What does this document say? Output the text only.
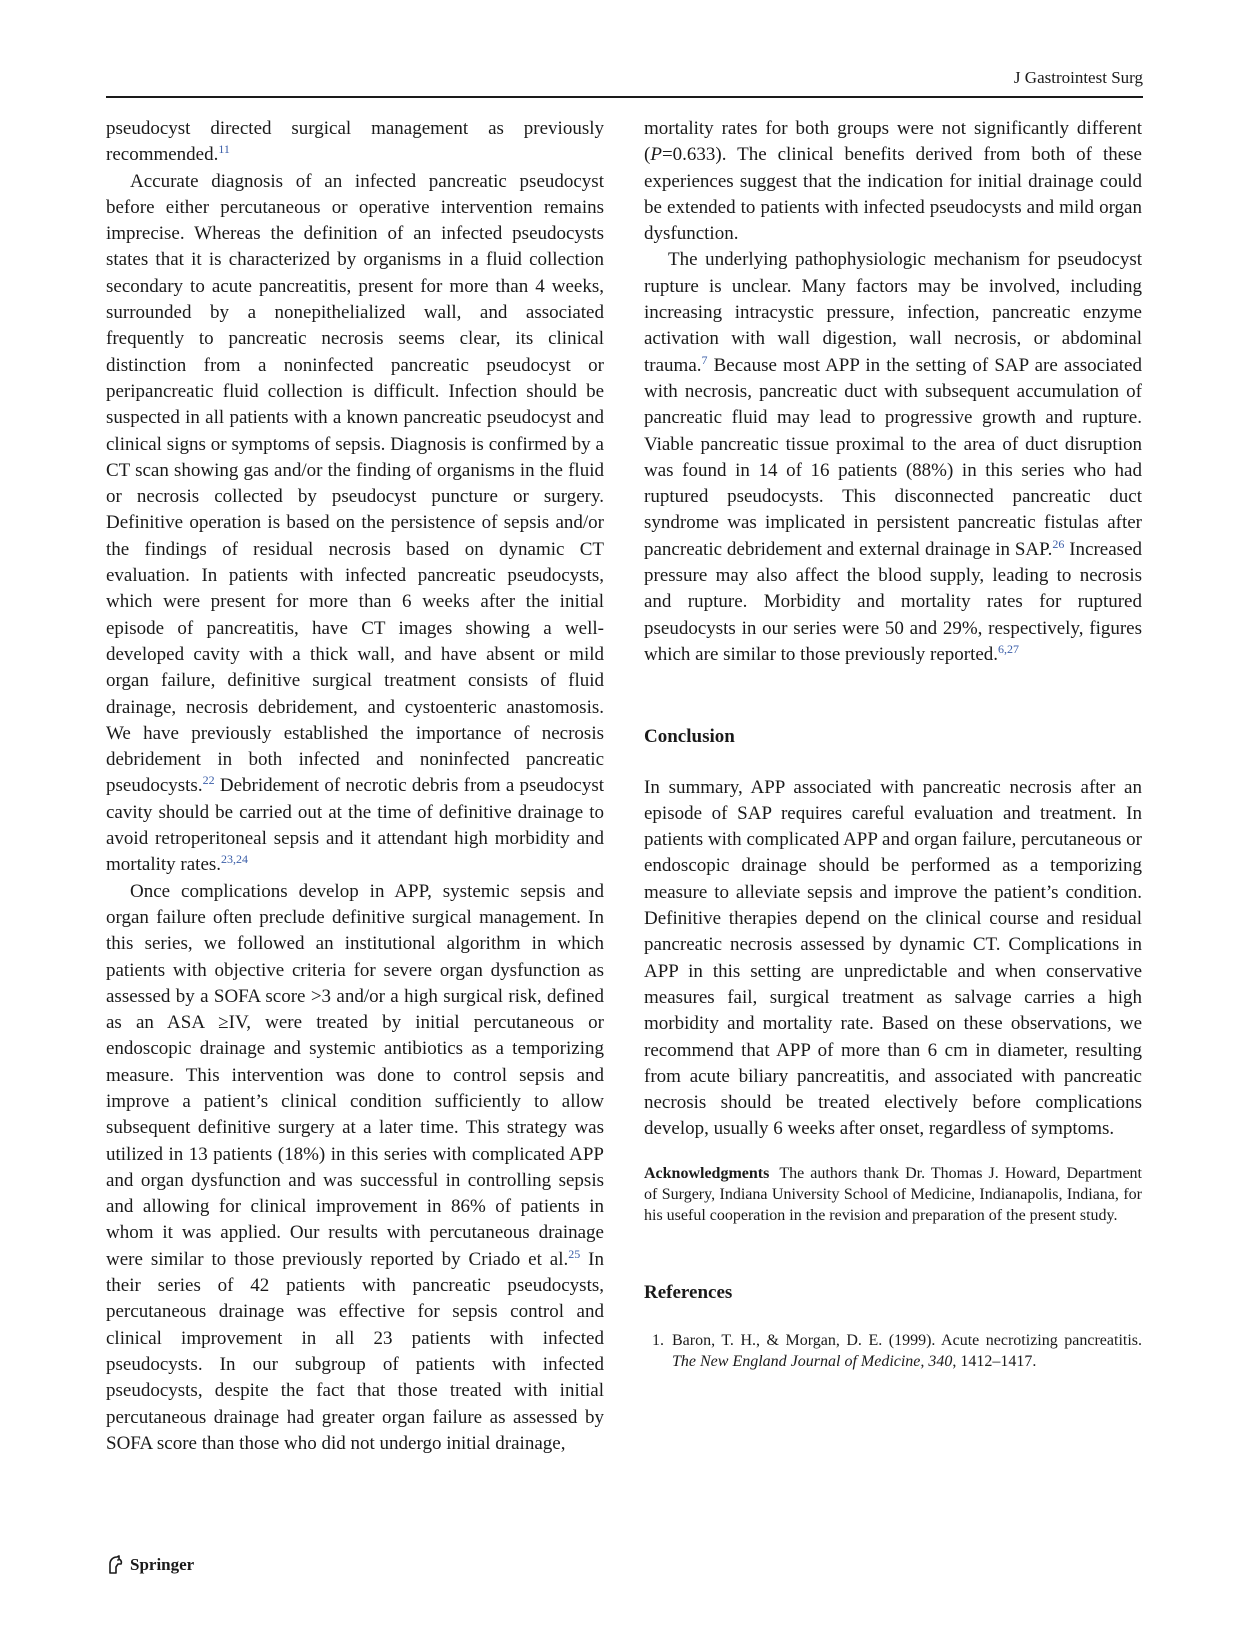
J Gastrointest Surg

pseudocyst directed surgical management as previously recommended.$^{11}$

Accurate diagnosis of an infected pancreatic pseudocyst before either percutaneous or operative intervention remains imprecise. Whereas the definition of an infected pseudocysts states that it is characterized by organisms in a fluid collection secondary to acute pancreatitis, present for more than 4 weeks, surrounded by a nonepithelialized wall, and associated frequently to pancreatic necrosis seems clear, its clinical distinction from a noninfected pancreatic pseudocyst or peripancreatic fluid collection is difficult. Infection should be suspected in all patients with a known pancreatic pseudocyst and clinical signs or symptoms of sepsis. Diagnosis is confirmed by a CT scan showing gas and/or the finding of organisms in the fluid or necrosis collected by pseudocyst puncture or surgery. Definitive operation is based on the persistence of sepsis and/or the findings of residual necrosis based on dynamic CT evaluation. In patients with infected pancreatic pseudocysts, which were present for more than 6 weeks after the initial episode of pancreatitis, have CT images showing a well-developed cavity with a thick wall, and have absent or mild organ failure, definitive surgical treatment consists of fluid drainage, necrosis debridement, and cystoenteric anastomosis. We have previously established the importance of necrosis debridement in both infected and noninfected pancreatic pseudocysts.$^{22}$ Debridement of necrotic debris from a pseudocyst cavity should be carried out at the time of definitive drainage to avoid retroperitoneal sepsis and it attendant high morbidity and mortality rates.$^{23,24}$

Once complications develop in APP, systemic sepsis and organ failure often preclude definitive surgical management. In this series, we followed an institutional algorithm in which patients with objective criteria for severe organ dysfunction as assessed by a SOFA score >3 and/or a high surgical risk, defined as an ASA ≥IV, were treated by initial percutaneous or endoscopic drainage and systemic antibiotics as a temporizing measure. This intervention was done to control sepsis and improve a patient’s clinical condition sufficiently to allow subsequent definitive surgery at a later time. This strategy was utilized in 13 patients (18%) in this series with complicated APP and organ dysfunction and was successful in controlling sepsis and allowing for clinical improvement in 86% of patients in whom it was applied. Our results with percutaneous drainage were similar to those previously reported by Criado et al.$^{25}$ In their series of 42 patients with pancreatic pseudocysts, percutaneous drainage was effective for sepsis control and clinical improvement in all 23 patients with infected pseudocysts. In our subgroup of patients with infected pseudocysts, despite the fact that those treated with initial percutaneous drainage had greater organ failure as assessed by SOFA score than those who did not undergo initial drainage,

mortality rates for both groups were not significantly different (P=0.633). The clinical benefits derived from both of these experiences suggest that the indication for initial drainage could be extended to patients with infected pseudocysts and mild organ dysfunction.

The underlying pathophysiologic mechanism for pseudocyst rupture is unclear. Many factors may be involved, including increasing intracystic pressure, infection, pancreatic enzyme activation with wall digestion, wall necrosis, or abdominal trauma.$^7$ Because most APP in the setting of SAP are associated with necrosis, pancreatic duct with subsequent accumulation of pancreatic fluid may lead to progressive growth and rupture. Viable pancreatic tissue proximal to the area of duct disruption was found in 14 of 16 patients (88%) in this series who had ruptured pseudocysts. This disconnected pancreatic duct syndrome was implicated in persistent pancreatic fistulas after pancreatic debridement and external drainage in SAP.$^{26}$ Increased pressure may also affect the blood supply, leading to necrosis and rupture. Morbidity and mortality rates for ruptured pseudocysts in our series were 50 and 29%, respectively, figures which are similar to those previously reported.$^{6,27}$

Conclusion

In summary, APP associated with pancreatic necrosis after an episode of SAP requires careful evaluation and treatment. In patients with complicated APP and organ failure, percutaneous or endoscopic drainage should be performed as a temporizing measure to alleviate sepsis and improve the patient’s condition. Definitive therapies depend on the clinical course and residual pancreatic necrosis assessed by dynamic CT. Complications in APP in this setting are unpredictable and when conservative measures fail, surgical treatment as salvage carries a high morbidity and mortality rate. Based on these observations, we recommend that APP of more than 6 cm in diameter, resulting from acute biliary pancreatitis, and associated with pancreatic necrosis should be treated electively before complications develop, usually 6 weeks after onset, regardless of symptoms.

Acknowledgments The authors thank Dr. Thomas J. Howard, Department of Surgery, Indiana University School of Medicine, Indianapolis, Indiana, for his useful cooperation in the revision and preparation of the present study.

References
1. Baron, T. H., & Morgan, D. E. (1999). Acute necrotizing pancreatitis. The New England Journal of Medicine, 340, 1412–1417.
Springer
